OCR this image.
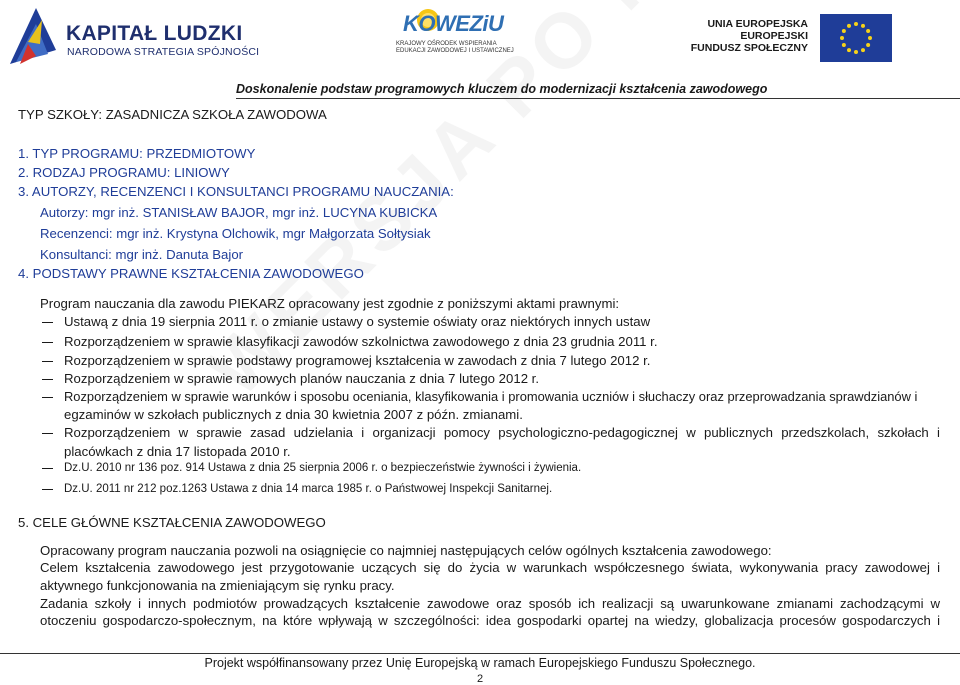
KAPITAŁ LUDZKI
NARODOWA STRATEGIA SPÓJNOŚCI
KOWEZiU
KRAJOWY OŚRODEK WSPIERANIA
EDUKACJI ZAWODOWEJ I USTAWICZNEJ
UNIA EUROPEJSKA
EUROPEJSKI
FUNDUSZ SPOŁECZNY
Doskonalenie podstaw programowych kluczem do modernizacji kształcenia zawodowego
TYP SZKOŁY: ZASADNICZA SZKOŁA ZAWODOWA
1. TYP PROGRAMU: PRZEDMIOTOWY
2. RODZAJ PROGRAMU: LINIOWY
3. AUTORZY, RECENZENCI I KONSULTANCI PROGRAMU NAUCZANIA:
Autorzy: mgr inż. STANISŁAW BAJOR, mgr inż. LUCYNA KUBICKA
Recenzenci: mgr inż. Krystyna Olchowik, mgr Małgorzata Sołtysiak
Konsultanci: mgr inż. Danuta Bajor
4. PODSTAWY PRAWNE KSZTAŁCENIA ZAWODOWEGO
Program nauczania dla zawodu PIEKARZ opracowany jest zgodnie z poniższymi aktami prawnymi:
Ustawą z dnia 19 sierpnia 2011 r. o zmianie ustawy o systemie oświaty oraz niektórych innych ustaw
Rozporządzeniem w sprawie klasyfikacji zawodów szkolnictwa zawodowego z dnia 23 grudnia 2011 r.
Rozporządzeniem w sprawie podstawy programowej kształcenia w zawodach z dnia 7 lutego 2012 r.
Rozporządzeniem w sprawie ramowych planów nauczania z dnia 7 lutego 2012 r.
Rozporządzeniem w sprawie warunków i sposobu oceniania, klasyfikowania i promowania uczniów i słuchaczy oraz przeprowadzania sprawdzianów i
egzaminów w szkołach publicznych z dnia 30 kwietnia 2007 z późn. zmianami.
Rozporządzeniem w sprawie zasad udzielania i organizacji pomocy psychologiczno-pedagogicznej w publicznych przedszkolach, szkołach i
placówkach z dnia 17 listopada 2010 r.
Dz.U. 2010 nr 136 poz. 914 Ustawa z dnia 25 sierpnia 2006 r. o bezpieczeństwie żywności i żywienia.
Dz.U. 2011 nr 212 poz.1263 Ustawa z dnia 14 marca 1985 r. o Państwowej Inspekcji Sanitarnej.
5. CELE GŁÓWNE KSZTAŁCENIA ZAWODOWEGO
Opracowany program nauczania pozwoli na osiągnięcie co najmniej następujących celów ogólnych kształcenia zawodowego:
Celem kształcenia zawodowego jest przygotowanie uczących się do życia w warunkach współczesnego świata, wykonywania pracy zawodowej i
aktywnego funkcjonowania na zmieniającym się rynku pracy.
Zadania szkoły i innych podmiotów prowadzących kształcenie zawodowe oraz sposób ich realizacji są uwarunkowane zmianami zachodzącymi w
otoczeniu gospodarczo-społecznym, na które wpływają w szczególności: idea gospodarki opartej na wiedzy, globalizacja procesów gospodarczych i
Projekt współfinansowany przez Unię Europejską w ramach Europejskiego Funduszu Społecznego.
2
